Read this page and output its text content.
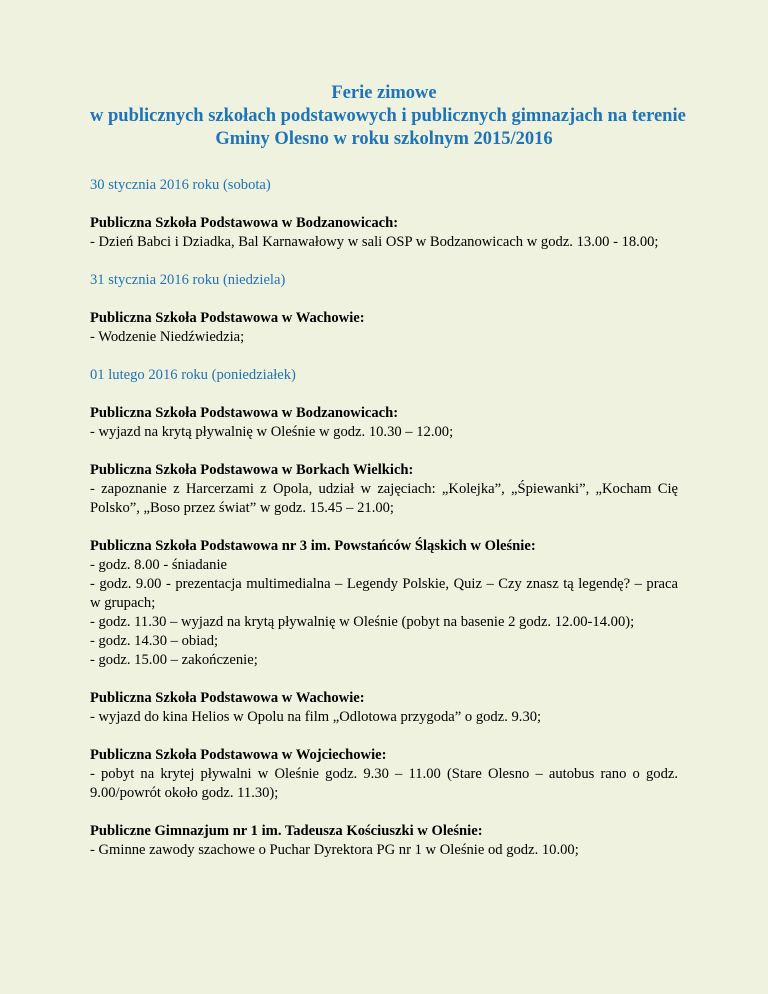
Ferie zimowe
w publicznych szkołach podstawowych i publicznych gimnazjach na terenie
Gminy Olesno w roku szkolnym 2015/2016
30 stycznia 2016 roku (sobota)
Publiczna Szkoła Podstawowa w Bodzanowicach:
- Dzień Babci i Dziadka, Bal Karnawałowy w sali OSP w Bodzanowicach w godz. 13.00 - 18.00;
31 stycznia 2016 roku (niedziela)
Publiczna Szkoła Podstawowa w Wachowie:
- Wodzenie Niedźwiedzia;
01 lutego 2016 roku (poniedziałek)
Publiczna Szkoła Podstawowa w Bodzanowicach:
- wyjazd na krytą pływalnię w Oleśnie w godz. 10.30 – 12.00;
Publiczna Szkoła Podstawowa w Borkach Wielkich:
- zapoznanie z Harcerzami z Opola, udział w zajęciach: „Kolejka”, „Śpiewanki”, „Kocham Cię Polsko”, „Boso przez świat” w godz. 15.45 – 21.00;
Publiczna Szkoła Podstawowa nr 3 im. Powstańców Śląskich w Oleśnie:
- godz. 8.00 - śniadanie
- godz. 9.00 - prezentacja multimedialna – Legendy Polskie, Quiz – Czy znasz tą legendę? – praca w grupach;
- godz. 11.30 – wyjazd na krytą pływalnię w Oleśnie (pobyt na basenie 2 godz. 12.00-14.00);
- godz. 14.30 – obiad;
- godz. 15.00 – zakończenie;
Publiczna Szkoła Podstawowa w Wachowie:
- wyjazd do kina Helios w Opolu na film „Odlotowa przygoda” o godz. 9.30;
Publiczna Szkoła Podstawowa w Wojciechowie:
- pobyt na krytej pływalni w Oleśnie godz. 9.30 – 11.00 (Stare Olesno – autobus rano o godz. 9.00/powrót około godz. 11.30);
Publiczne Gimnazjum nr 1 im. Tadeusza Kościuszki w Oleśnie:
- Gminne zawody szachowe o Puchar Dyrektora PG nr 1 w Oleśnie od godz. 10.00;
